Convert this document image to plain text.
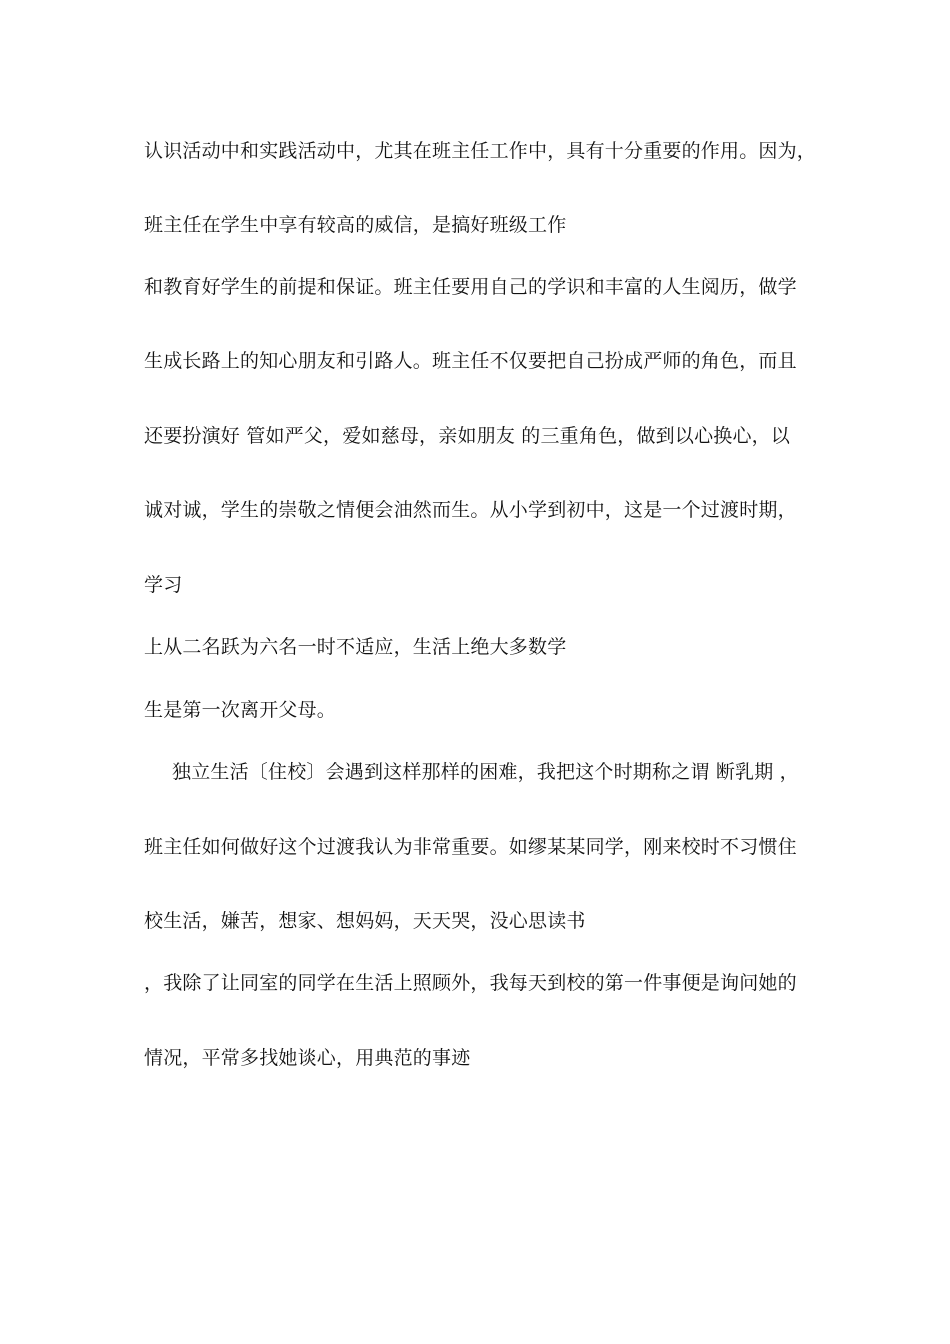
认识活动中和实践活动中，尤其在班主任工作中，具有十分重要的作用。因为，
班主任在学生中享有较高的威信，是搞好班级工作
和教育好学生的前提和保证。班主任要用自己的学识和丰富的人生阅历，做学
生成长路上的知心朋友和引路人。班主任不仅要把自己扮成严师的角色，而且
还要扮演好 管如严父，爱如慈母，亲如朋友 的三重角色，做到以心换心，以
诚对诚，学生的崇敬之情便会油然而生。从小学到初中，这是一个过渡时期，
学习
上从二名跃为六名一时不适应，生活上绝大多数学
生是第一次离开父母。
独立生活〔住校〕会遇到这样那样的困难，我把这个时期称之谓 断乳期 ，
班主任如何做好这个过渡我认为非常重要。如缪某某同学，刚来校时不习惯住
校生活，嫌苦，想家、想妈妈，天天哭，没心思读书
，我除了让同室的同学在生活上照顾外，我每天到校的第一件事便是询问她的
情况，平常多找她谈心，用典范的事迹
